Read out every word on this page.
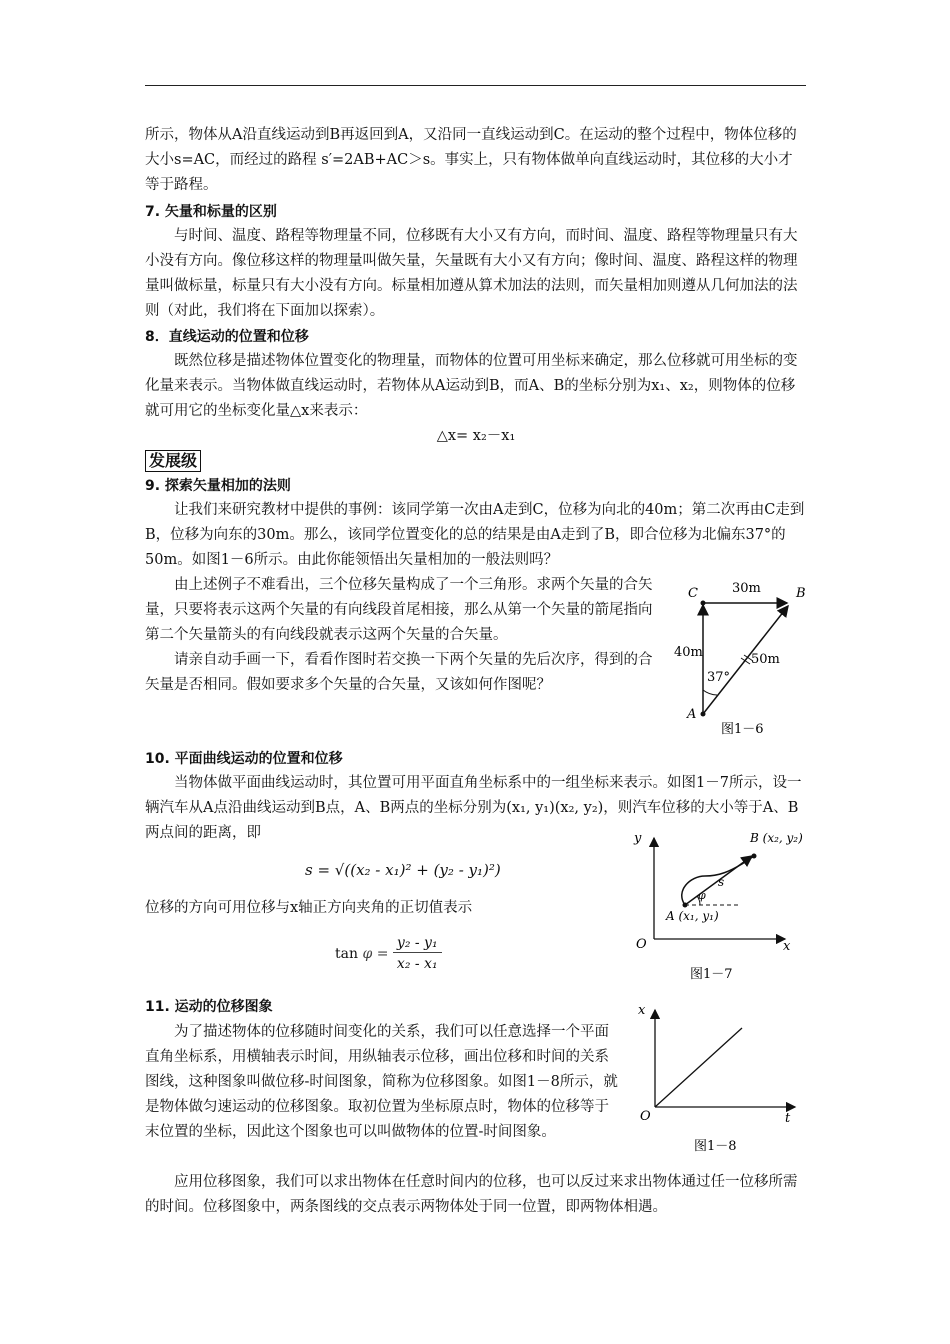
所示，物体从A沿直线运动到B再返回到A，又沿同一直线运动到C。在运动的整个过程中，物体位移的大小s=AC，而经过的路程 s′=2AB+AC＞s。事实上，只有物体做单向直线运动时，其位移的大小才等于路程。

7. 矢量和标量的区别

与时间、温度、路程等物理量不同，位移既有大小又有方向，而时间、温度、路程等物理量只有大小没有方向。像位移这样的物理量叫做矢量，矢量既有大小又有方向；像时间、温度、路程这样的物理量叫做标量，标量只有大小没有方向。标量相加遵从算术加法的法则，而矢量相加则遵从几何加法的法则（对此，我们将在下面加以探索）。

8．直线运动的位置和位移

既然位移是描述物体位置变化的物理量，而物体的位置可用坐标来确定，那么位移就可用坐标的变化量来表示。当物体做直线运动时，若物体从A运动到B，而A、B的坐标分别为x₁、x₂，则物体的位移就可用它的坐标变化量△x来表示：

△x= x₂－x₁

发展级

9. 探索矢量相加的法则

让我们来研究教材中提供的事例：该同学第一次由A走到C，位移为向北的40m；第二次再由C走到B，位移为向东的30m。那么，该同学位置变化的总的结果是由A走到了B，即合位移为北偏东37°的50m。如图1－6所示。由此你能领悟出矢量相加的一般法则吗？

由上述例子不难看出，三个位移矢量构成了一个三角形。求两个矢量的合矢量，只要将表示这两个矢量的有向线段首尾相接，那么从第一个矢量的箭尾指向第二个矢量箭头的有向线段就表示这两个矢量的合矢量。

请亲自动手画一下，看看作图时若交换一下两个矢量的先后次序，得到的合矢量是否相同。假如要求多个矢量的合矢量，又该如何作图呢？

C	B
A
30m
40m	50m
37°
图1－6

10. 平面曲线运动的位置和位移

当物体做平面曲线运动时，其位置可用平面直角坐标系中的一组坐标来表示。如图1－7所示，设一辆汽车从A点沿曲线运动到B点，A、B两点的坐标分别为(x₁, y₁)(x₂, y₂)，则汽车位移的大小等于A、B两点间的距离，即

s = √((x₂ - x₁)² + (y₂ - y₁)²)

位移的方向可用位移与x轴正方向夹角的正切值表示

$\tan \varphi = \frac{\text{y₂ - y₁}}{\text{x₂ - x₁}}$
y
x
O
B (x₂, y₂)
A (x₁, y₁)
s
φ
图1－7

11. 运动的位移图象

为了描述物体的位移随时间变化的关系，我们可以任意选择一个平面直角坐标系，用横轴表示时间，用纵轴表示位移，画出位移和时间的关系图线，这种图象叫做位移-时间图象，简称为位移图象。如图1－8所示，就是物体做匀速运动的位移图象。取初位置为坐标原点时，物体的位移等于末位置的坐标，因此这个图象也可以叫做物体的位置-时间图象。

应用位移图象，我们可以求出物体在任意时间内的位移，也可以反过来求出物体通过任一位移所需的时间。位移图象中，两条图线的交点表示两物体处于同一位置，即两物体相遇。

x
t
O
图1－8
